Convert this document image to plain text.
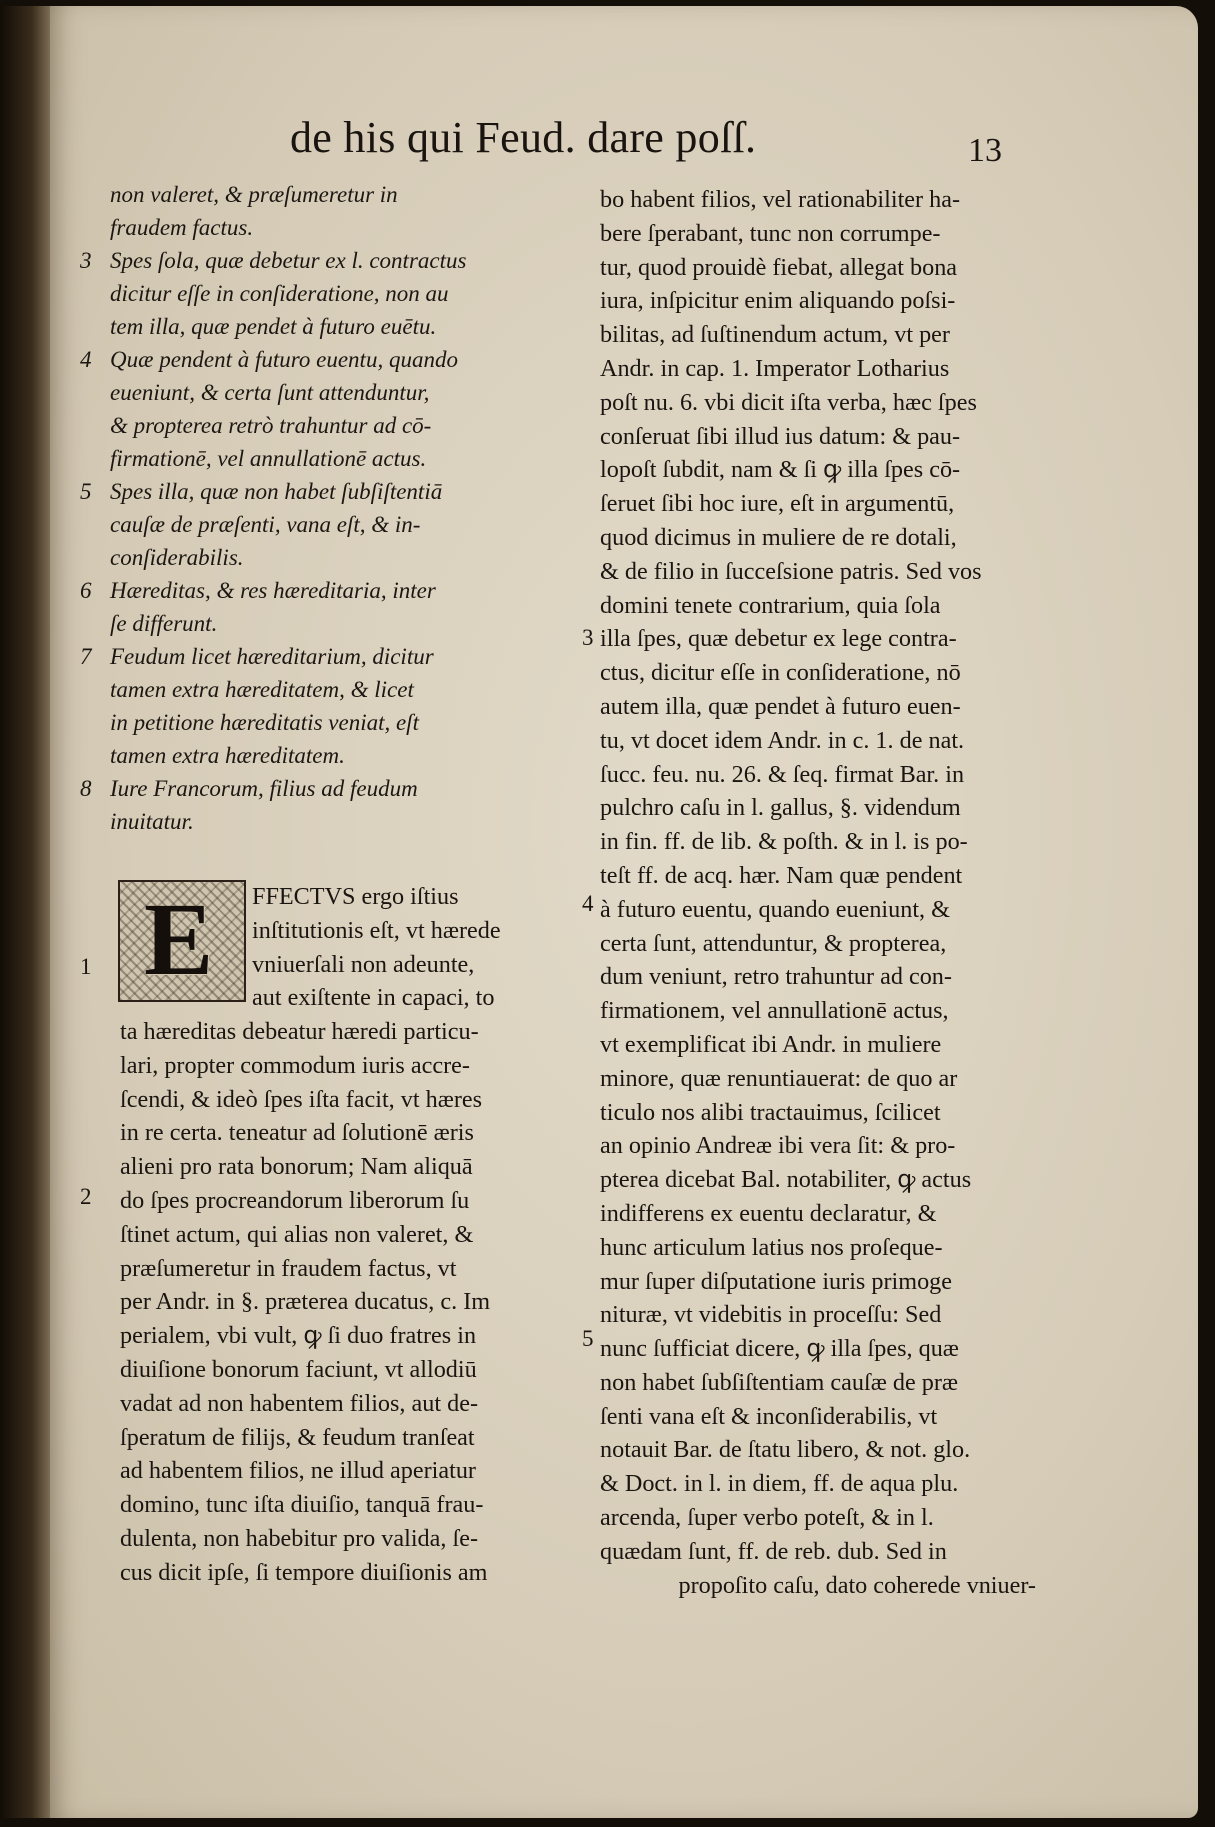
de his qui Feud. dare poſſ.	13
non valeret, & præſumeretur in
fraudem factus.
3 Spes ſola, quæ debetur ex l. contractus
dicitur eſſe in conſideratione, non au
tem illa, quæ pendet à futuro euētu.
4 Quæ pendent à futuro euentu, quando
eueniunt, & certa ſunt attenduntur,
& propterea retrò trahuntur ad cō-
firmationē, vel annullationē actus.
5 Spes illa, quæ non habet ſubſiſtentiā
cauſæ de præſenti, vana eſt, & in-
conſiderabilis.
6 Hæreditas, & res hæreditaria, inter
ſe differunt.
7 Feudum licet hæreditarium, dicitur
tamen extra hæreditatem, & licet
in petitione hæreditatis veniat, eſt
tamen extra hæreditatem.
8 Iure Francorum, filius ad feudum
inuitatur.
E FFECTVS ergo iſtius
inſtitutionis eſt, vt hærede
vniuerſali non adeunte,
aut exiſtente in capaci, to
ta hæreditas debeatur hæredi particu-
lari, propter commodum iuris accre-
ſcendi, & ideò ſpes iſta facit, vt hæres
in re certa. teneatur ad ſolutionē æris
alieni pro rata bonorum; Nam aliquā
do ſpes procreandorum liberorum ſu
ſtinet actum, qui alias non valeret, &
præſumeretur in fraudem factus, vt
per Andr. in §. præterea ducatus, c. Im
perialem, vbi vult, ꝙ ſi duo fratres in
diuiſione bonorum faciunt, vt allodiū
vadat ad non habentem filios, aut de-
ſperatum de filijs, & feudum tranſeat
ad habentem filios, ne illud aperiatur
domino, tunc iſta diuiſio, tanquā frau-
dulenta, non habebitur pro valida, ſe-
cus dicit ipſe, ſi tempore diuiſionis am
1
2
bo habent filios, vel rationabiliter ha-
bere ſperabant, tunc non corrumpe-
tur, quod prouidè fiebat, allegat bona
iura, inſpicitur enim aliquando poſsi-
bilitas, ad ſuſtinendum actum, vt per
Andr. in cap. 1. Imperator Lotharius
poſt nu. 6. vbi dicit iſta verba, hæc ſpes
conſeruat ſibi illud ius datum: & pau-
lopoſt ſubdit, nam & ſi ꝙ illa ſpes cō-
ſeruet ſibi hoc iure, eſt in argumentū,
quod dicimus in muliere de re dotali,
& de filio in ſucceſsione patris. Sed vos
domini tenete contrarium, quia ſola
illa ſpes, quæ debetur ex lege contra-
ctus, dicitur eſſe in conſideratione, nō
autem illa, quæ pendet à futuro euen-
tu, vt docet idem Andr. in c. 1. de nat.
ſucc. feu. nu. 26. & ſeq. firmat Bar. in
pulchro caſu in l. gallus, §. videndum
in fin. ff. de lib. & poſth. & in l. is po-
teſt ff. de acq. hær. Nam quæ pendent
à futuro euentu, quando eueniunt, &
certa ſunt, attenduntur, & propterea,
dum veniunt, retro trahuntur ad con-
firmationem, vel annullationē actus,
vt exemplificat ibi Andr. in muliere
minore, quæ renuntiauerat: de quo ar
ticulo nos alibi tractauimus, ſcilicet
an opinio Andreæ ibi vera ſit: & pro-
pterea dicebat Bal. notabiliter, ꝙ actus
indifferens ex euentu declaratur, &
hunc articulum latius nos proſeque-
mur ſuper diſputatione iuris primoge
nituræ, vt videbitis in proceſſu: Sed
nunc ſufficiat dicere, ꝙ illa ſpes, quæ
non habet ſubſiſtentiam cauſæ de præ
ſenti vana eſt & inconſiderabilis, vt
notauit Bar. de ſtatu libero, & not. glo.
& Doct. in l. in diem, ff. de aqua plu.
arcenda, ſuper verbo poteſt, & in l.
quædam ſunt, ff. de reb. dub. Sed in
propoſito caſu, dato coherede vniuer-
3
4
5
